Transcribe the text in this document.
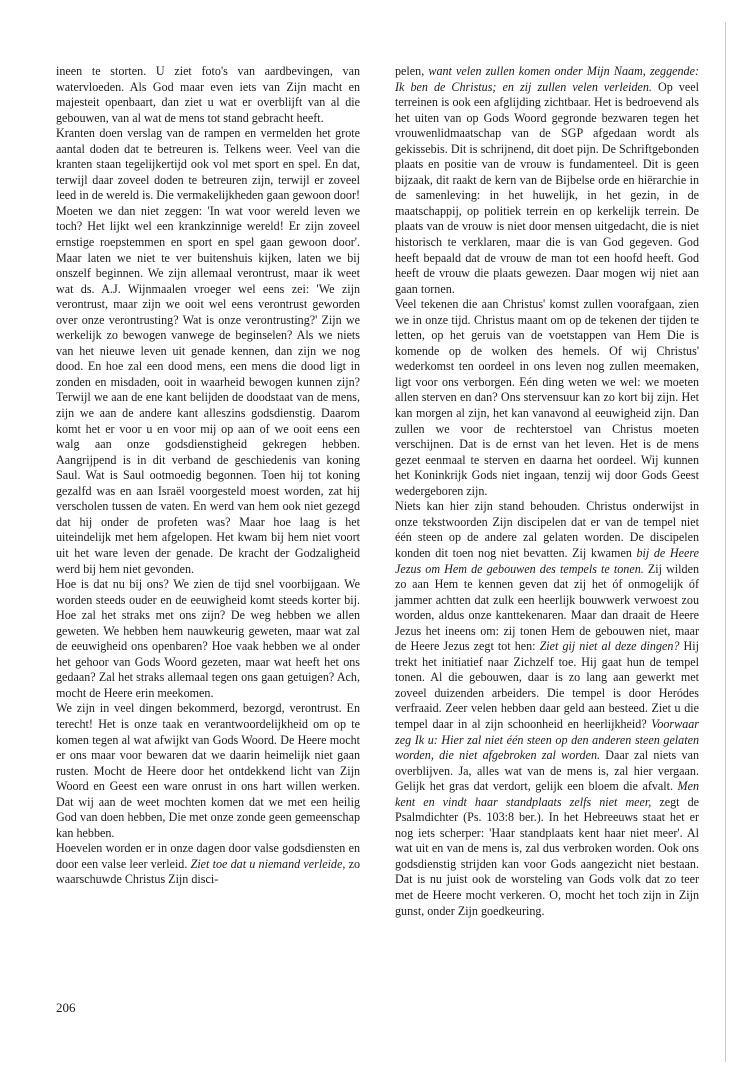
ineen te storten. U ziet foto's van aardbevingen, van watervloeden. Als God maar even iets van Zijn macht en majesteit openbaart, dan ziet u wat er overblijft van al die gebouwen, van al wat de mens tot stand gebracht heeft.

Kranten doen verslag van de rampen en vermelden het grote aantal doden dat te betreuren is. Telkens weer. Veel van die kranten staan tegelijkertijd ook vol met sport en spel. En dat, terwijl daar zoveel doden te betreuren zijn, terwijl er zoveel leed in de wereld is. Die vermakelijkheden gaan gewoon door! Moeten we dan niet zeggen: 'In wat voor wereld leven we toch? Het lijkt wel een krankzinnige wereld! Er zijn zoveel ernstige roepstemmen en sport en spel gaan gewoon door'. Maar laten we niet te ver buitenshuis kijken, laten we bij onszelf beginnen. We zijn allemaal verontrust, maar ik weet wat ds. A.J. Wijnmaalen vroeger wel eens zei: 'We zijn verontrust, maar zijn we ooit wel eens verontrust geworden over onze verontrusting? Wat is onze verontrusting?' Zijn we werkelijk zo bewogen vanwege de beginselen? Als we niets van het nieuwe leven uit genade kennen, dan zijn we nog dood. En hoe zal een dood mens, een mens die dood ligt in zonden en misdaden, ooit in waarheid bewogen kunnen zijn? Terwijl we aan de ene kant belijden de doodstaat van de mens, zijn we aan de andere kant alleszins godsdienstig. Daarom komt het er voor u en voor mij op aan of we ooit eens een walg aan onze godsdienstigheid gekregen hebben. Aangrijpend is in dit verband de geschiedenis van koning Saul. Wat is Saul ootmoedig begonnen. Toen hij tot koning gezalfd was en aan Israël voorgesteld moest worden, zat hij verscholen tussen de vaten. En werd van hem ook niet gezegd dat hij onder de profeten was? Maar hoe laag is het uiteindelijk met hem afgelopen. Het kwam bij hem niet voort uit het ware leven der genade. De kracht der Godzaligheid werd bij hem niet gevonden.

Hoe is dat nu bij ons? We zien de tijd snel voorbijgaan. We worden steeds ouder en de eeuwigheid komt steeds korter bij. Hoe zal het straks met ons zijn? De weg hebben we allen geweten. We hebben hem nauwkeurig geweten, maar wat zal de eeuwigheid ons openbaren? Hoe vaak hebben we al onder het gehoor van Gods Woord gezeten, maar wat heeft het ons gedaan? Zal het straks allemaal tegen ons gaan getuigen? Ach, mocht de Heere erin meekomen.

We zijn in veel dingen bekommerd, bezorgd, verontrust. En terecht! Het is onze taak en verantwoordelijkheid om op te komen tegen al wat afwijkt van Gods Woord. De Heere mocht er ons maar voor bewaren dat we daarin heimelijk niet gaan rusten. Mocht de Heere door het ontdekkend licht van Zijn Woord en Geest een ware onrust in ons hart willen werken. Dat wij aan de weet mochten komen dat we met een heilig God van doen hebben, Die met onze zonde geen gemeenschap kan hebben.

Hoevelen worden er in onze dagen door valse godsdiensten en door een valse leer verleid. Ziet toe dat u niemand verleide, zo waarschuwde Christus Zijn disci-

pelen, want velen zullen komen onder Mijn Naam, zeggende: Ik ben de Christus; en zij zullen velen verleiden. Op veel terreinen is ook een afglijding zichtbaar. Het is bedroevend als het uiten van op Gods Woord gegronde bezwaren tegen het vrouwenlidmaatschap van de SGP afgedaan wordt als gekissebis. Dit is schrijnend, dit doet pijn. De Schriftgebonden plaats en positie van de vrouw is fundamenteel. Dit is geen bijzaak, dit raakt de kern van de Bijbelse orde en hiërarchie in de samenleving: in het huwelijk, in het gezin, in de maatschappij, op politiek terrein en op kerkelijk terrein. De plaats van de vrouw is niet door mensen uitgedacht, die is niet historisch te verklaren, maar die is van God gegeven. God heeft bepaald dat de vrouw de man tot een hoofd heeft. God heeft de vrouw die plaats gewezen. Daar mogen wij niet aan gaan tornen.

Veel tekenen die aan Christus' komst zullen voorafgaan, zien we in onze tijd. Christus maant om op de tekenen der tijden te letten, op het geruis van de voetstappen van Hem Die is komende op de wolken des hemels. Of wij Christus' wederkomst ten oordeel in ons leven nog zullen meemaken, ligt voor ons verborgen. Eén ding weten we wel: we moeten allen sterven en dan? Ons stervensuur kan zo kort bij zijn. Het kan morgen al zijn, het kan vanavond al eeuwigheid zijn. Dan zullen we voor de rechterstoel van Christus moeten verschijnen. Dat is de ernst van het leven. Het is de mens gezet eenmaal te sterven en daarna het oordeel. Wij kunnen het Koninkrijk Gods niet ingaan, tenzij wij door Gods Geest wedergeboren zijn.

Niets kan hier zijn stand behouden. Christus onderwijst in onze tekstwoorden Zijn discipelen dat er van de tempel niet één steen op de andere zal gelaten worden. De discipelen konden dit toen nog niet bevatten. Zij kwamen bij de Heere Jezus om Hem de gebouwen des tempels te tonen. Zij wilden zo aan Hem te kennen geven dat zij het óf onmogelijk óf jammer achtten dat zulk een heerlijk bouwwerk verwoest zou worden, aldus onze kanttekenaren. Maar dan draait de Heere Jezus het ineens om: zij tonen Hem de gebouwen niet, maar de Heere Jezus zegt tot hen: Ziet gij niet al deze dingen? Hij trekt het initiatief naar Zichzelf toe. Hij gaat hun de tempel tonen. Al die gebouwen, daar is zo lang aan gewerkt met zoveel duizenden arbeiders. Die tempel is door Heródes verfraaid. Zeer velen hebben daar geld aan besteed. Ziet u die tempel daar in al zijn schoonheid en heerlijkheid? Voorwaar zeg Ik u: Hier zal niet één steen op den anderen steen gelaten worden, die niet afgebroken zal worden. Daar zal niets van overblijven. Ja, alles wat van de mens is, zal hier vergaan. Gelijk het gras dat verdort, gelijk een bloem die afvalt. Men kent en vindt haar standplaats zelfs niet meer, zegt de Psalmdichter (Ps. 103:8 ber.). In het Hebreeuws staat het er nog iets scherper: 'Haar standplaats kent haar niet meer'. Al wat uit en van de mens is, zal dus verbroken worden. Ook ons godsdienstig strijden kan voor Gods aangezicht niet bestaan. Dat is nu juist ook de worsteling van Gods volk dat zo teer met de Heere mocht verkeren. O, mocht het toch zijn in Zijn gunst, onder Zijn goedkeuring.

206
